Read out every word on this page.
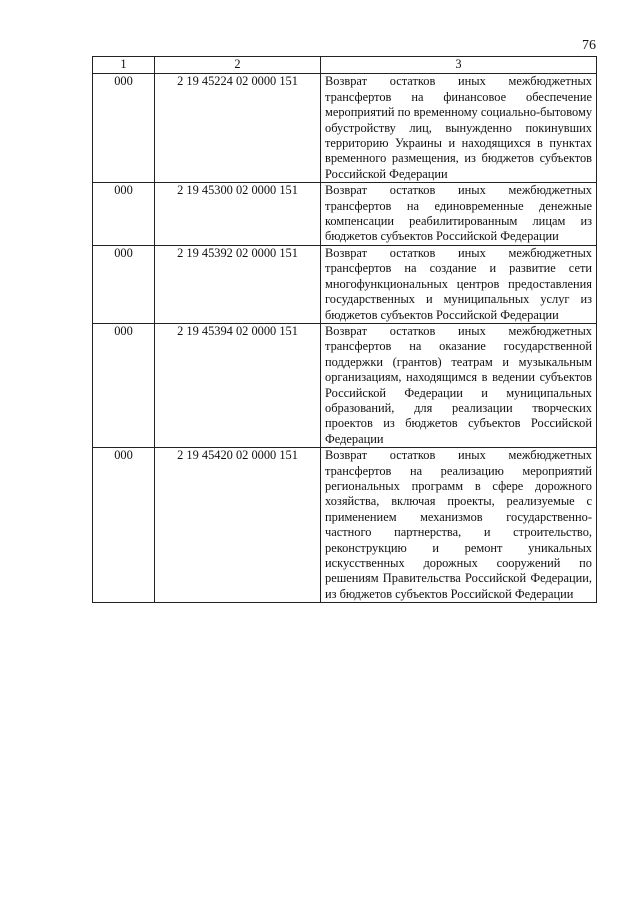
76
1	2	3
000	2 19 45224 02 0000 151	Возврат остатков иных межбюджетных трансфертов на финансовое обеспечение мероприятий по временному социально-бытовому обустройству лиц, вынужденно покинувших территорию Украины и находящихся в пунктах временного размещения, из бюджетов субъектов Российской Федерации
000	2 19 45300 02 0000 151	Возврат остатков иных межбюджетных трансфертов на единовременные денежные компенсации реабилитированным лицам из бюджетов субъектов Российской Федерации
000	2 19 45392 02 0000 151	Возврат остатков иных межбюджетных трансфертов на создание и развитие сети многофункциональных центров предоставления государственных и муниципальных услуг из бюджетов субъектов Российской Федерации
000	2 19 45394 02 0000 151	Возврат остатков иных межбюджетных трансфертов на оказание государственной поддержки (грантов) театрам и музыкальным организациям, находящимся в ведении субъектов Российской Федерации и муниципальных образований, для реализации творческих проектов из бюджетов субъектов Российской Федерации
000	2 19 45420 02 0000 151	Возврат остатков иных межбюджетных трансфертов на реализацию мероприятий региональных программ в сфере дорожного хозяйства, включая проекты, реализуемые с применением механизмов государственно-частного партнерства, и строительство, реконструкцию и ремонт уникальных искусственных дорожных сооружений по решениям Правительства Российской Федерации, из бюджетов субъектов Российской Федерации
